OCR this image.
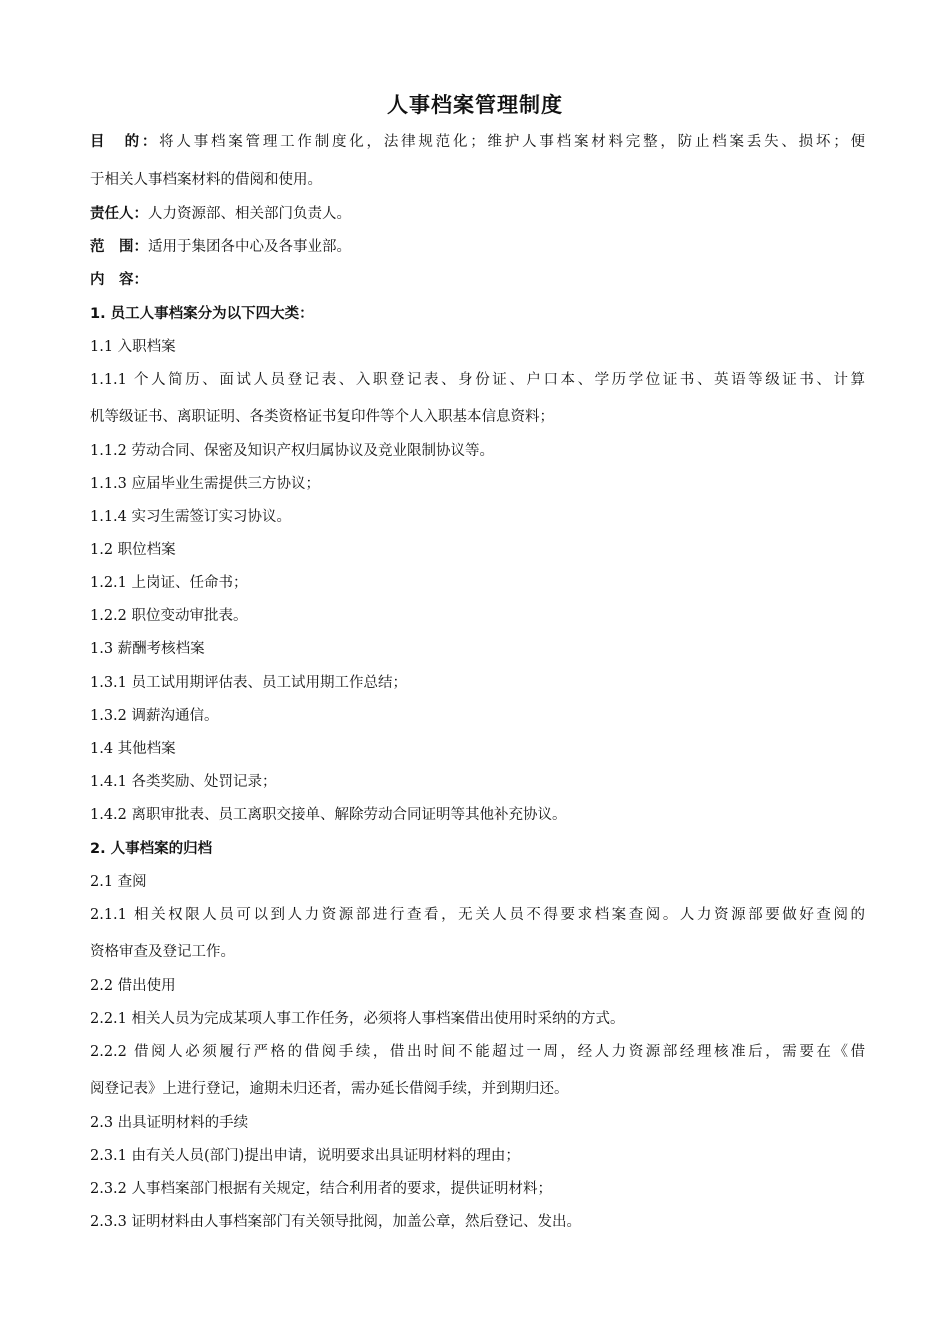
人事档案管理制度
目　的：将人事档案管理工作制度化，法律规范化；维护人事档案材料完整，防止档案丢失、损坏；便
于相关人事档案材料的借阅和使用。
责任人：人力资源部、相关部门负责人。
范　围：适用于集团各中心及各事业部。
内　容：
1. 员工人事档案分为以下四大类：
1.1 入职档案
1.1.1 个人简历、面试人员登记表、入职登记表、身份证、户口本、学历学位证书、英语等级证书、计算
机等级证书、离职证明、各类资格证书复印件等个人入职基本信息资料；
1.1.2 劳动合同、保密及知识产权归属协议及竞业限制协议等。
1.1.3 应届毕业生需提供三方协议；
1.1.4 实习生需签订实习协议。
1.2 职位档案
1.2.1 上岗证、任命书；
1.2.2 职位变动审批表。
1.3 薪酬考核档案
1.3.1 员工试用期评估表、员工试用期工作总结；
1.3.2 调薪沟通信。
1.4 其他档案
1.4.1 各类奖励、处罚记录；
1.4.2 离职审批表、员工离职交接单、解除劳动合同证明等其他补充协议。
2. 人事档案的归档
2.1 查阅
2.1.1 相关权限人员可以到人力资源部进行查看，无关人员不得要求档案查阅。人力资源部要做好查阅的
资格审查及登记工作。
2.2 借出使用
2.2.1 相关人员为完成某项人事工作任务，必须将人事档案借出使用时采纳的方式。
2.2.2 借阅人必须履行严格的借阅手续，借出时间不能超过一周，经人力资源部经理核准后，需要在《借
阅登记表》上进行登记，逾期未归还者，需办延长借阅手续，并到期归还。
2.3 出具证明材料的手续
2.3.1 由有关人员(部门)提出申请，说明要求出具证明材料的理由；
2.3.2 人事档案部门根据有关规定，结合利用者的要求，提供证明材料；
2.3.3 证明材料由人事档案部门有关领导批阅，加盖公章，然后登记、发出。
